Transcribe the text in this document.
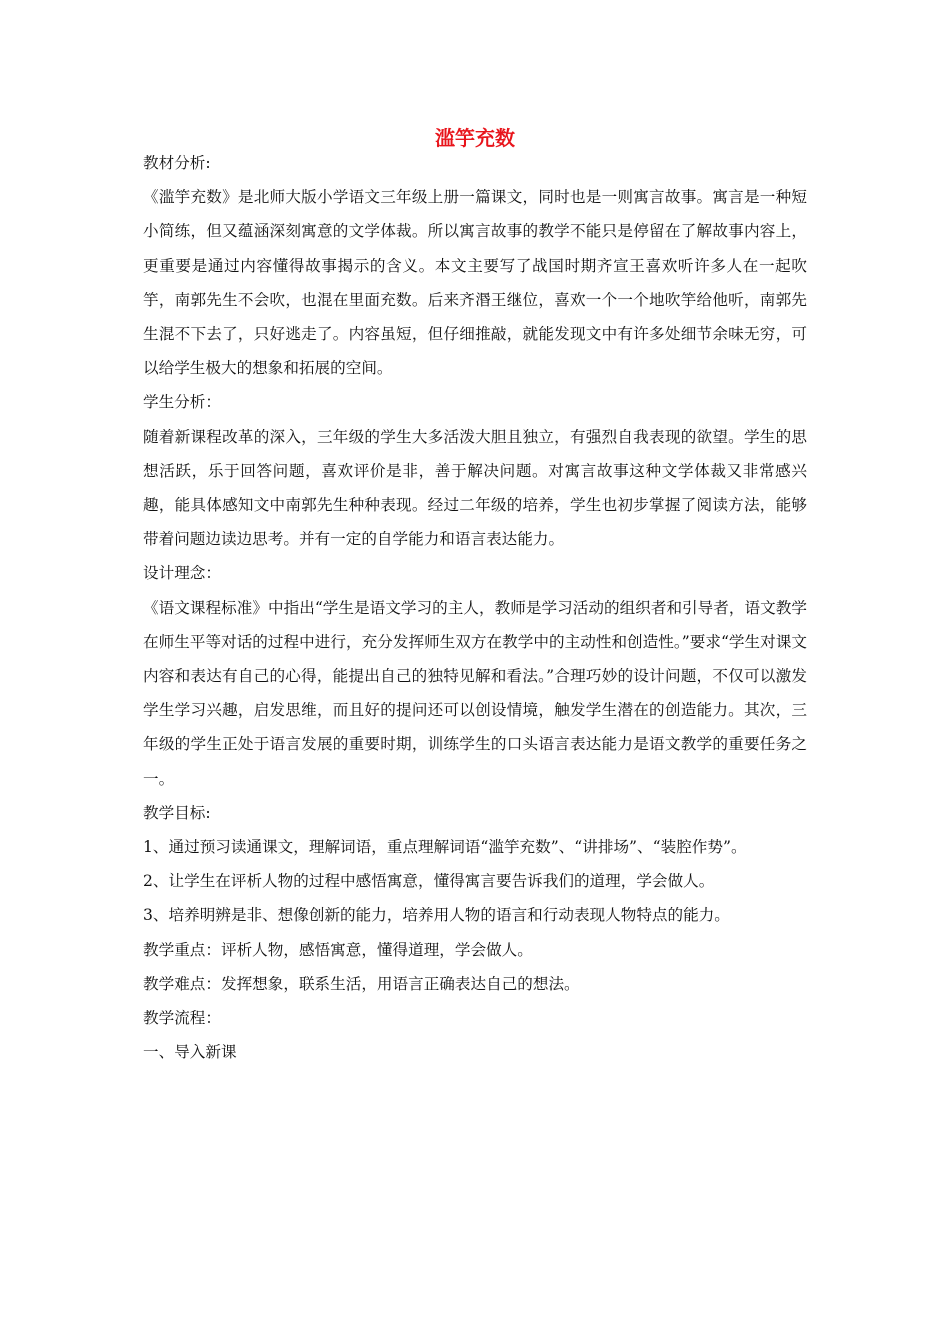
滥竽充数

教材分析:

《滥竽充数》是北师大版小学语文三年级上册一篇课文，同时也是一则寓言故事。寓言是一种短小简练，但又蕴涵深刻寓意的文学体裁。所以寓言故事的教学不能只是停留在了解故事内容上，更重要是通过内容懂得故事揭示的含义。本文主要写了战国时期齐宣王喜欢听许多人在一起吹竽，南郭先生不会吹，也混在里面充数。后来齐湣王继位，喜欢一个一个地吹竽给他听，南郭先生混不下去了，只好逃走了。内容虽短，但仔细推敲，就能发现文中有许多处细节余味无穷，可以给学生极大的想象和拓展的空间。

学生分析：

随着新课程改革的深入，三年级的学生大多活泼大胆且独立，有强烈自我表现的欲望。学生的思想活跃，乐于回答问题，喜欢评价是非，善于解决问题。对寓言故事这种文学体裁又非常感兴趣，能具体感知文中南郭先生种种表现。经过二年级的培养，学生也初步掌握了阅读方法，能够带着问题边读边思考。并有一定的自学能力和语言表达能力。

设计理念：

《语文课程标准》中指出“学生是语文学习的主人，教师是学习活动的组织者和引导者，语文教学在师生平等对话的过程中进行，充分发挥师生双方在教学中的主动性和创造性。”要求“学生对课文内容和表达有自己的心得，能提出自己的独特见解和看法。”合理巧妙的设计问题，不仅可以激发学生学习兴趣，启发思维，而且好的提问还可以创设情境，触发学生潜在的创造能力。其次，三年级的学生正处于语言发展的重要时期，训练学生的口头语言表达能力是语文教学的重要任务之一。

教学目标:

1、通过预习读通课文，理解词语，重点理解词语“滥竽充数”、“讲排场”、“装腔作势”。

2、让学生在评析人物的过程中感悟寓意，懂得寓言要告诉我们的道理，学会做人。

3、培养明辨是非、想像创新的能力，培养用人物的语言和行动表现人物特点的能力。

教学重点：评析人物，感悟寓意，懂得道理，学会做人。

教学难点：发挥想象，联系生活，用语言正确表达自己的想法。

教学流程：

一、导入新课
